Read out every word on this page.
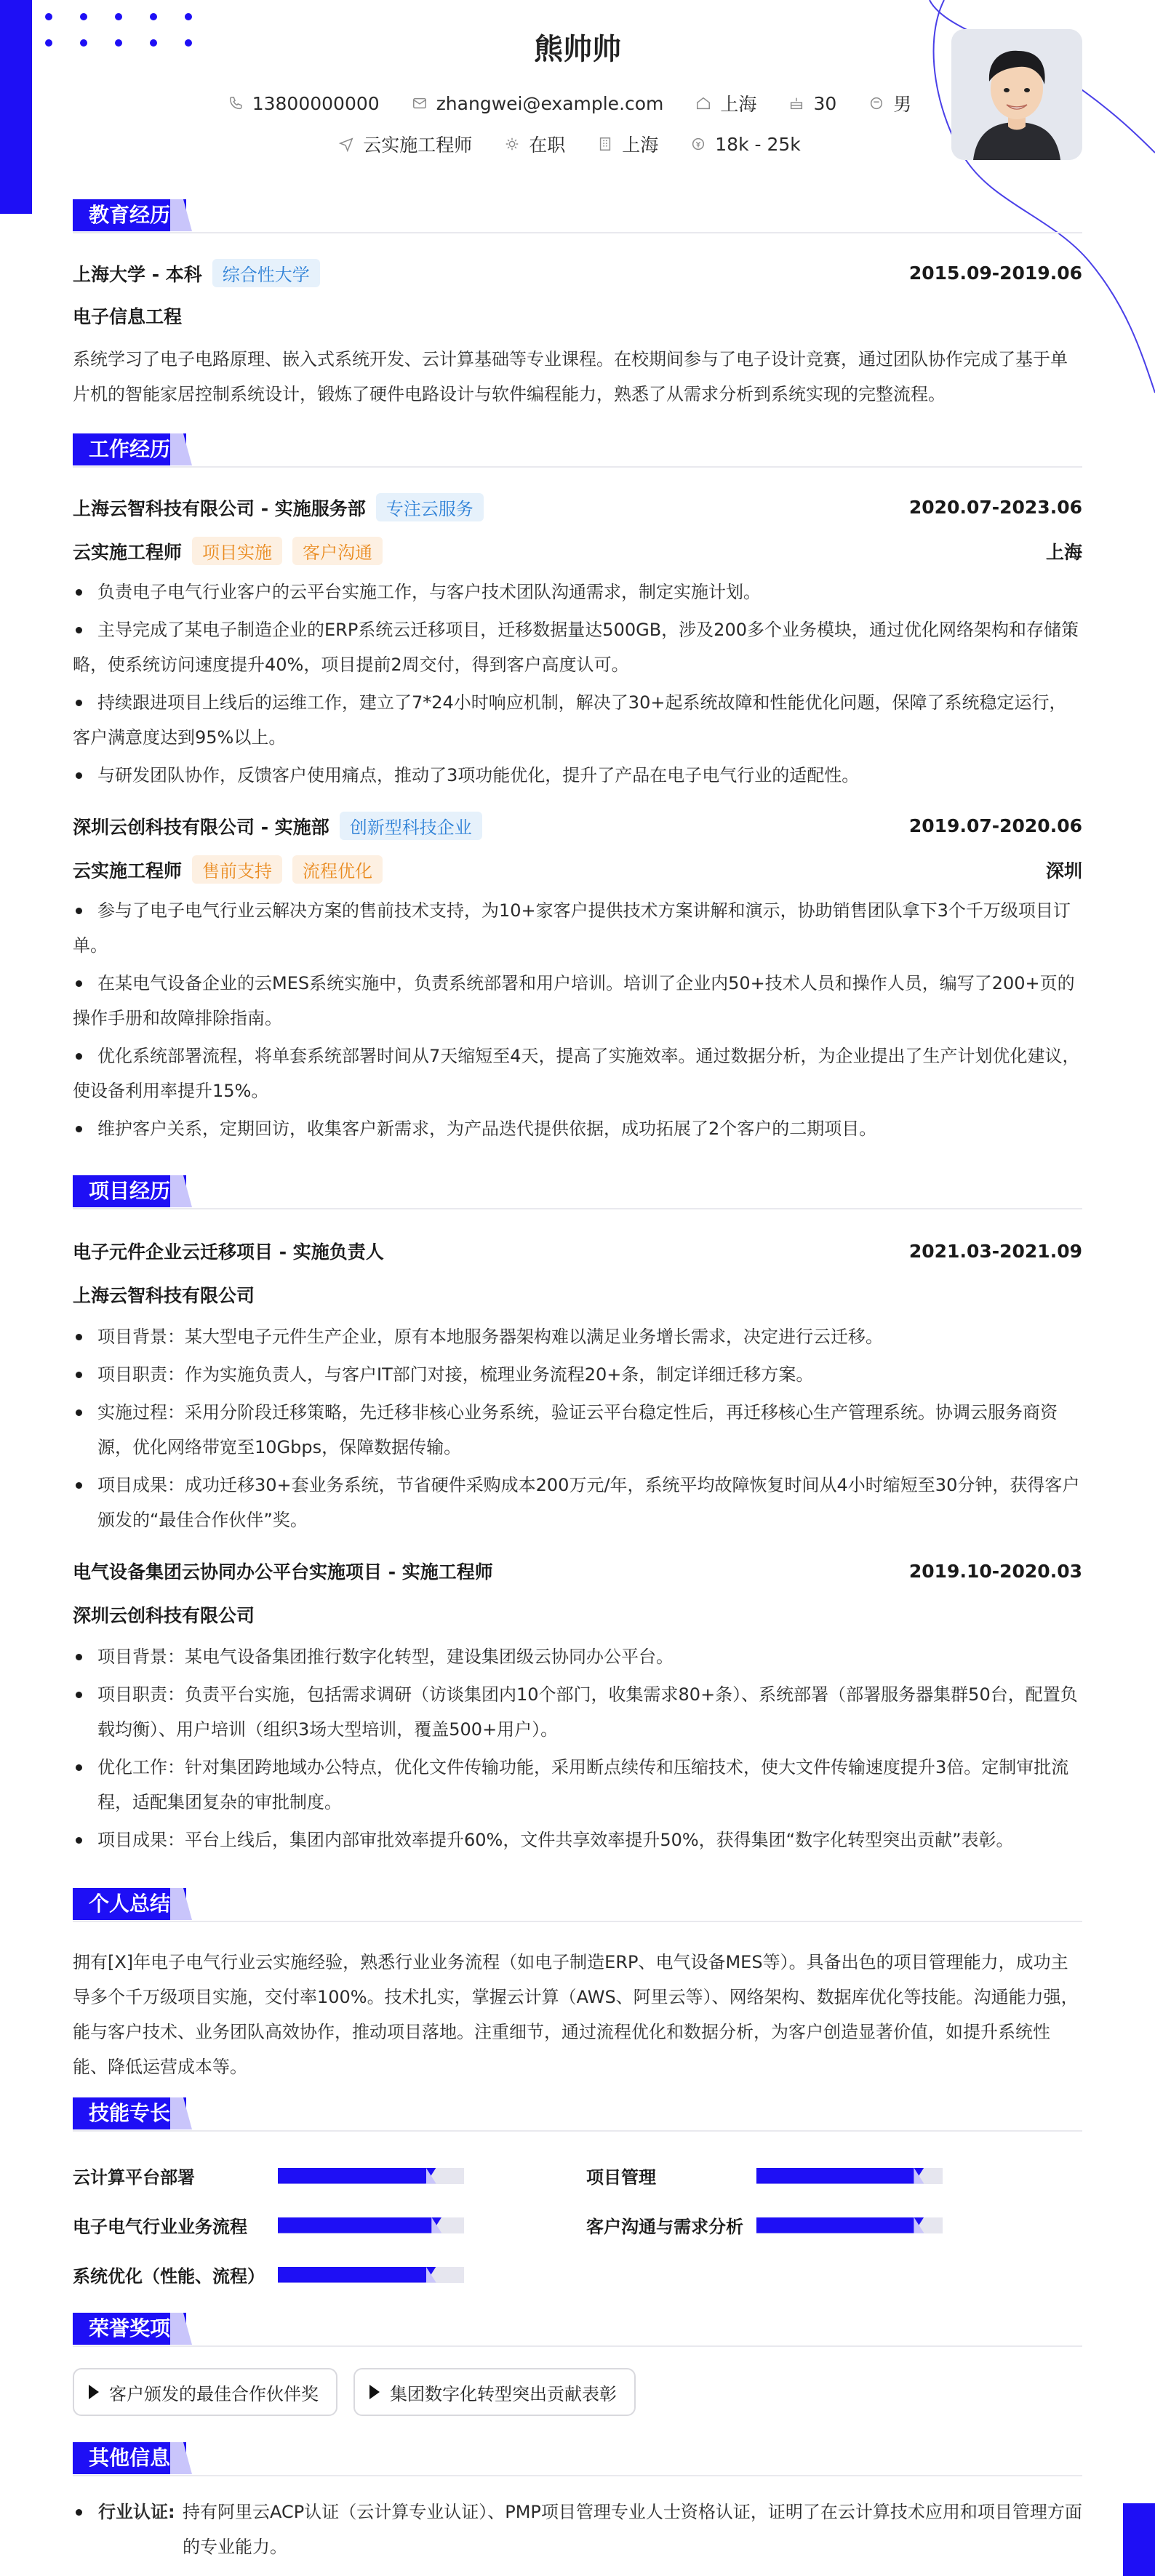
熊帅帅
13800000000	zhangwei@example.com	上海	30	男
云实施工程师	在职	上海	18k - 25k
教育经历
上海大学 - 本科	综合性大学	2015.09-2019.06
电子信息工程
系统学习了电子电路原理、嵌入式系统开发、云计算基础等专业课程。在校期间参与了电子设计竞赛，通过团队协作完成了基于单片机的智能家居控制系统设计，锻炼了硬件电路设计与软件编程能力，熟悉了从需求分析到系统实现的完整流程。
工作经历
上海云智科技有限公司 - 实施服务部	专注云服务	2020.07-2023.06
云实施工程师	项目实施	客户沟通	上海
负责电子电气行业客户的云平台实施工作，与客户技术团队沟通需求，制定实施计划。
主导完成了某电子制造企业的ERP系统云迁移项目，迁移数据量达500GB，涉及200多个业务模块，通过优化网络架构和存储策略，使系统访问速度提升40%，项目提前2周交付，得到客户高度认可。
持续跟进项目上线后的运维工作，建立了7*24小时响应机制，解决了30+起系统故障和性能优化问题，保障了系统稳定运行，客户满意度达到95%以上。
与研发团队协作，反馈客户使用痛点，推动了3项功能优化，提升了产品在电子电气行业的适配性。
深圳云创科技有限公司 - 实施部	创新型科技企业	2019.07-2020.06
云实施工程师	售前支持	流程优化	深圳
参与了电子电气行业云解决方案的售前技术支持，为10+家客户提供技术方案讲解和演示，协助销售团队拿下3个千万级项目订单。
在某电气设备企业的云MES系统实施中，负责系统部署和用户培训。培训了企业内50+技术人员和操作人员，编写了200+页的操作手册和故障排除指南。
优化系统部署流程，将单套系统部署时间从7天缩短至4天，提高了实施效率。通过数据分析，为企业提出了生产计划优化建议，使设备利用率提升15%。
维护客户关系，定期回访，收集客户新需求，为产品迭代提供依据，成功拓展了2个客户的二期项目。
项目经历
电子元件企业云迁移项目 - 实施负责人	2021.03-2021.09
上海云智科技有限公司
项目背景：某大型电子元件生产企业，原有本地服务器架构难以满足业务增长需求，决定进行云迁移。
项目职责：作为实施负责人，与客户IT部门对接，梳理业务流程20+条，制定详细迁移方案。
实施过程：采用分阶段迁移策略，先迁移非核心业务系统，验证云平台稳定性后，再迁移核心生产管理系统。协调云服务商资源，优化网络带宽至10Gbps，保障数据传输。
项目成果：成功迁移30+套业务系统，节省硬件采购成本200万元/年，系统平均故障恢复时间从4小时缩短至30分钟，获得客户颁发的“最佳合作伙伴”奖。
电气设备集团云协同办公平台实施项目 - 实施工程师	2019.10-2020.03
深圳云创科技有限公司
项目背景：某电气设备集团推行数字化转型，建设集团级云协同办公平台。
项目职责：负责平台实施，包括需求调研（访谈集团内10个部门，收集需求80+条）、系统部署（部署服务器集群50台，配置负载均衡）、用户培训（组织3场大型培训，覆盖500+用户）。
优化工作：针对集团跨地域办公特点，优化文件传输功能，采用断点续传和压缩技术，使大文件传输速度提升3倍。定制审批流程，适配集团复杂的审批制度。
项目成果：平台上线后，集团内部审批效率提升60%，文件共享效率提升50%，获得集团“数字化转型突出贡献”表彰。
个人总结
拥有[X]年电子电气行业云实施经验，熟悉行业业务流程（如电子制造ERP、电气设备MES等）。具备出色的项目管理能力，成功主导多个千万级项目实施，交付率100%。技术扎实，掌握云计算（AWS、阿里云等）、网络架构、数据库优化等技能。沟通能力强，能与客户技术、业务团队高效协作，推动项目落地。注重细节，通过流程优化和数据分析，为客户创造显著价值，如提升系统性能、降低运营成本等。
技能专长
云计算平台部署	项目管理
电子电气行业业务流程	客户沟通与需求分析
系统优化（性能、流程）
荣誉奖项
客户颁发的最佳合作伙伴奖	集团数字化转型突出贡献表彰
其他信息
行业认证: 持有阿里云ACP认证（云计算专业认证）、PMP项目管理专业人士资格认证，证明了在云计算技术应用和项目管理方面的专业能力。
